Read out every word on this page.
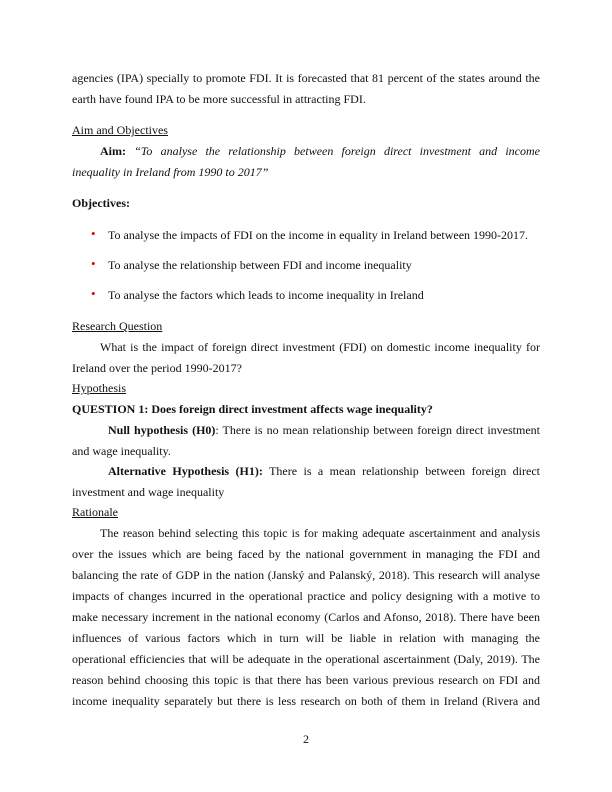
agencies (IPA) specially to promote FDI. It is forecasted that 81 percent of the states around the
earth have found IPA to be more successful in attracting FDI.
Aim and Objectives
Aim: “To analyse the relationship between foreign direct investment and income
inequality in Ireland from 1990 to 2017”
Objectives:
• To analyse the impacts of FDI on the income in equality in Ireland between 1990-2017.
• To analyse the relationship between FDI and income inequality
• To analyse the factors which leads to income inequality in Ireland
Research Question
What is the impact of foreign direct investment (FDI) on domestic income inequality for
Ireland over the period 1990-2017?
Hypothesis
QUESTION 1: Does foreign direct investment affects wage inequality?
Null hypothesis (H0): There is no mean relationship between foreign direct investment
and wage inequality.
Alternative Hypothesis (H1): There is a mean relationship between foreign direct
investment and wage inequality
Rationale
The reason behind selecting this topic is for making adequate ascertainment and analysis
over the issues which are being faced by the national government in managing the FDI and
balancing the rate of GDP in the nation (Janský and Palanský, 2018). This research will analyse
impacts of changes incurred in the operational practice and policy designing with a motive to
make necessary increment in the national economy (Carlos and Afonso, 2018). There have been
influences of various factors which in turn will be liable in relation with managing the
operational efficiencies that will be adequate in the operational ascertainment (Daly, 2019). The
reason behind choosing this topic is that there has been various previous research on FDI and
income inequality separately but there is less research on both of them in Ireland (Rivera and
2
